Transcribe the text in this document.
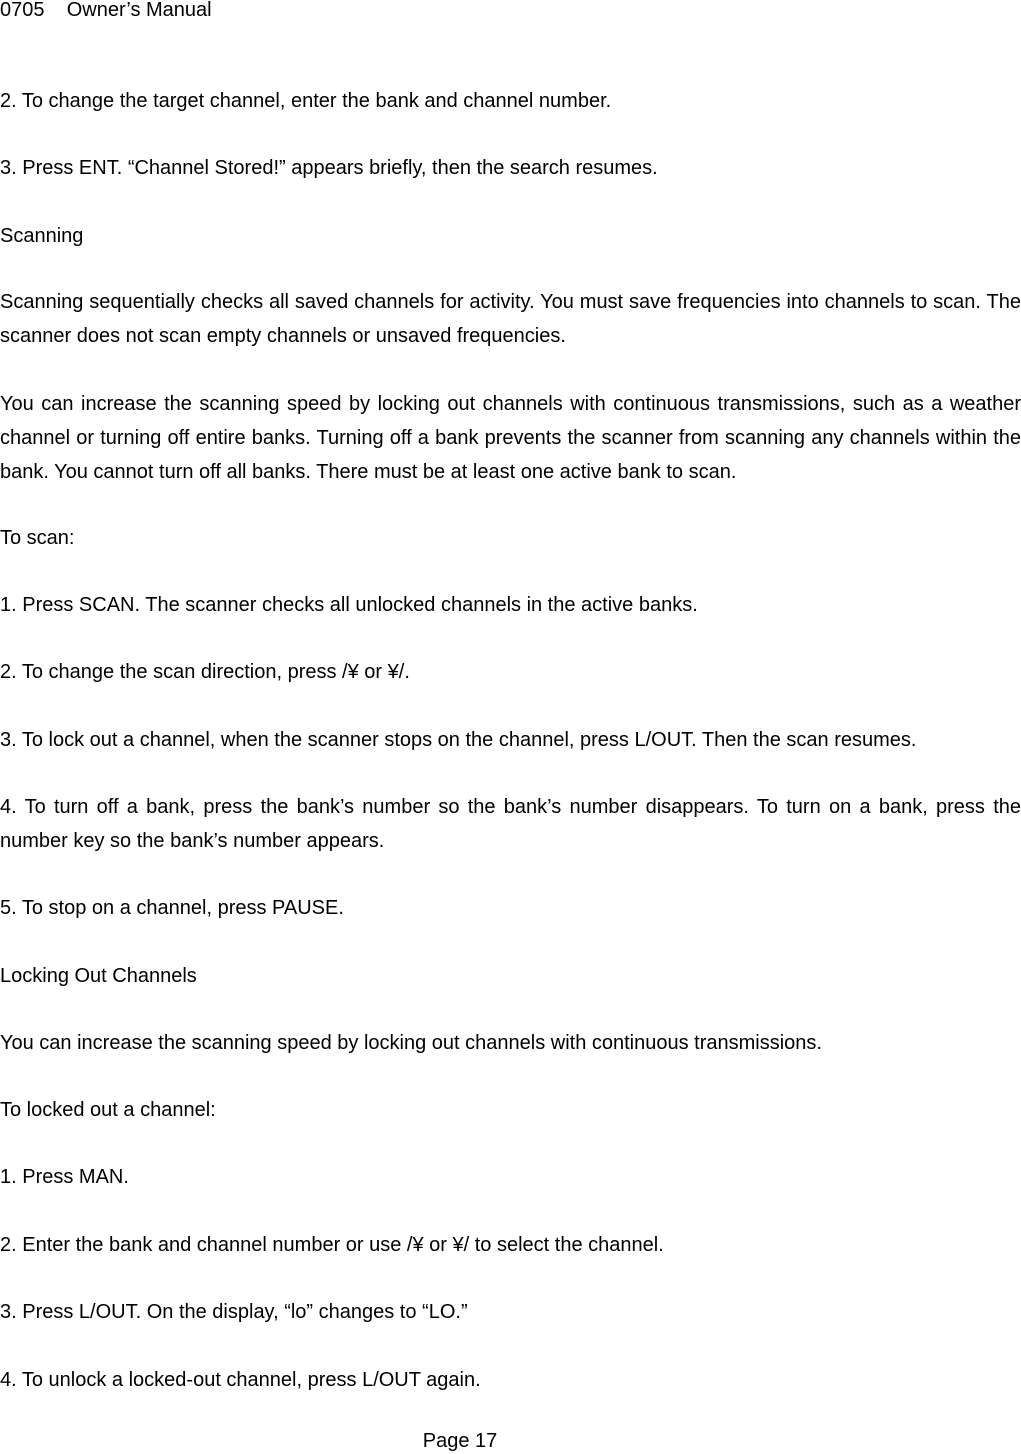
0705    Owner’s Manual

2. To change the target channel, enter the bank and channel number.

3. Press ENT. “Channel Stored!” appears briefly, then the search resumes.

Scanning

Scanning sequentially checks all saved channels for activity. You must save frequencies into channels to scan. The scanner does not scan empty channels or unsaved frequencies.

You can increase the scanning speed by locking out channels with continuous transmissions, such as a weather channel or turning off entire banks. Turning off a bank prevents the scanner from scanning any channels within the bank. You cannot turn off all banks. There must be at least one active bank to scan.

To scan:

1. Press SCAN. The scanner checks all unlocked channels in the active banks.

2. To change the scan direction, press /¥ or ¥/.

3. To lock out a channel, when the scanner stops on the channel, press L/OUT. Then the scan resumes.

4. To turn off a bank, press the bank’s number so the bank’s number disappears. To turn on a bank, press the number key so the bank’s number appears.

5. To stop on a channel, press PAUSE.

Locking Out Channels

You can increase the scanning speed by locking out channels with continuous transmissions.

To locked out a channel:

1. Press MAN.

2. Enter the bank and channel number or use /¥ or ¥/ to select the channel.

3. Press L/OUT. On the display, “lo” changes to “LO.”

4. To unlock a locked-out channel, press L/OUT again.

Page 17
